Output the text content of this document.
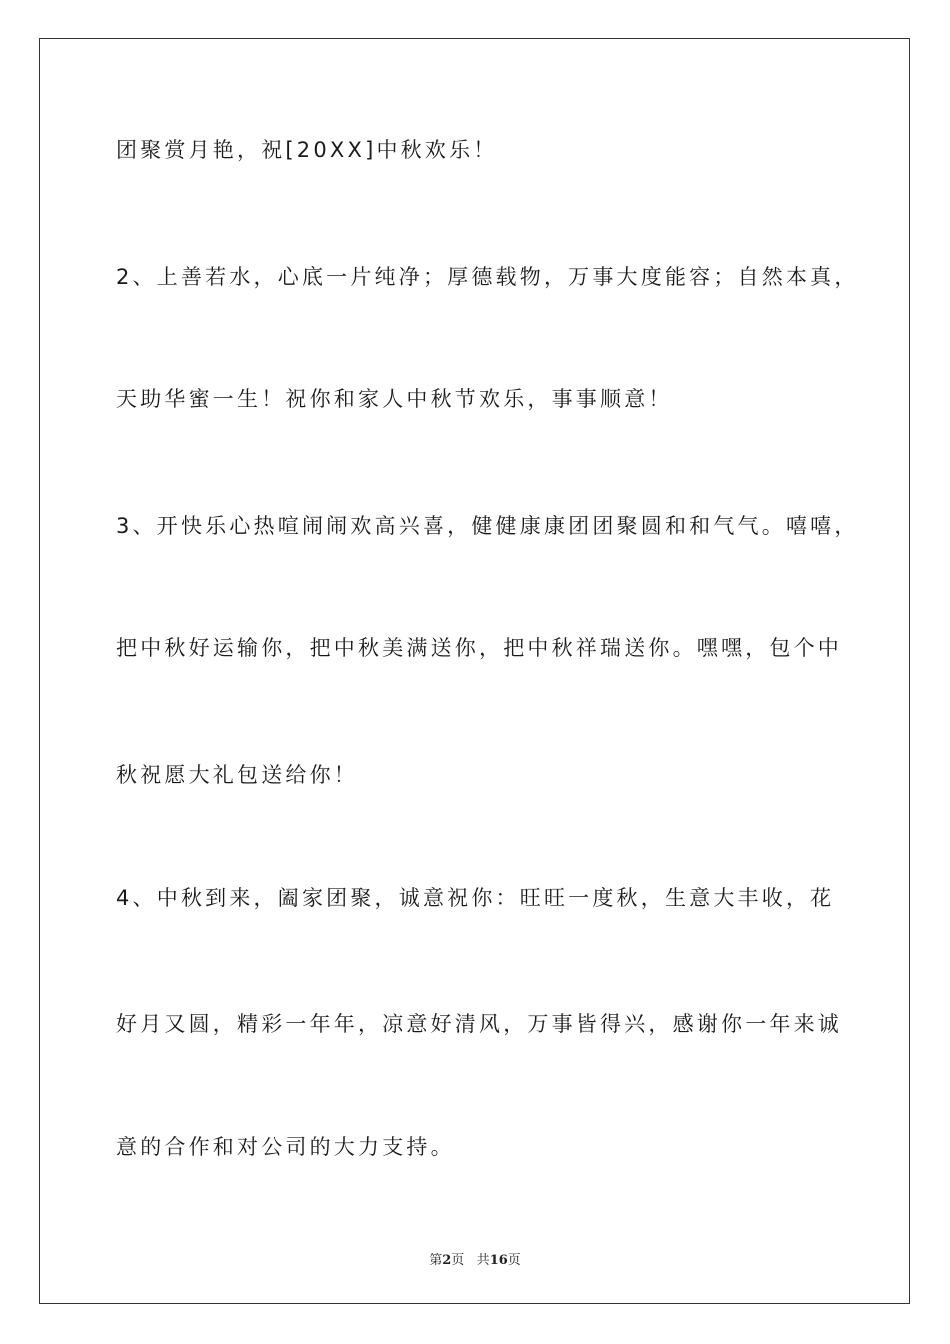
团聚赏月艳，祝[20XX]中秋欢乐！
2、上善若水，心底一片纯净；厚德载物，万事大度能容；自然本真，
天助华蜜一生！祝你和家人中秋节欢乐，事事顺意！
3、开快乐心热喧闹闹欢高兴喜，健健康康团团聚圆和和气气。嘻嘻，
把中秋好运输你，把中秋美满送你，把中秋祥瑞送你。嘿嘿，包个中
秋祝愿大礼包送给你！
4、中秋到来，阖家团聚，诚意祝你：旺旺一度秋，生意大丰收，花
好月又圆，精彩一年年，凉意好清风，万事皆得兴，感谢你一年来诚
意的合作和对公司的大力支持。
第2页 共16页
